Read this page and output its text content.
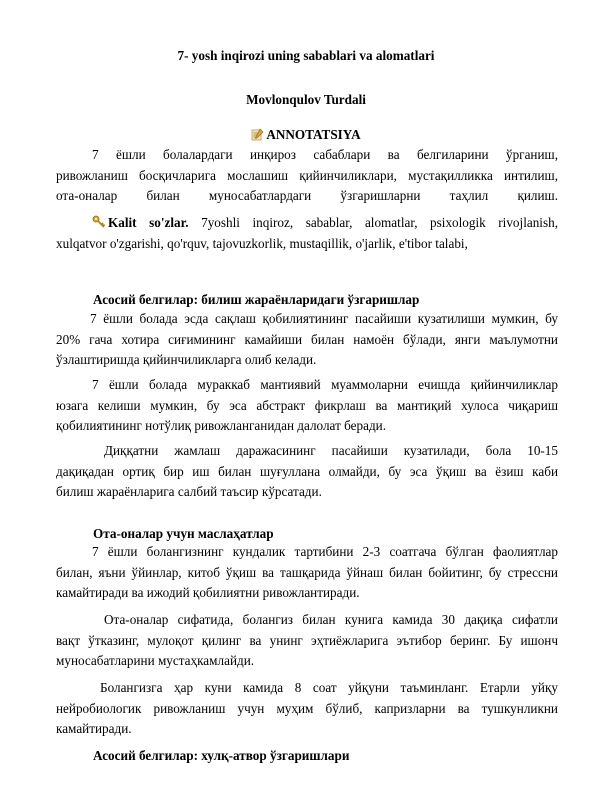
7- yosh inqirozi uning sabablari va alomatlari
Movlonqulov Turdali
ANNOTATSIYA
7 ёшли болалардаги инқироз сабаблари ва белгиларини ўрганиш,
ривожланиш босқичларига мослашиш қийинчиликлари, мустақилликка интилиш,
ота-оналар билан муносабатлардаги ўзгаришларни таҳлил қилиш.
Kalit so'zlar. 7yoshli inqiroz, sabablar, alomatlar, psixologik rivojlanish,
xulqatvor o'zgarishi, qo'rquv, tajovuzkorlik, mustaqillik, o'jarlik, e'tibor talabi,
Асосий белгилар: билиш жараёнларидаги ўзгаришлар
7 ёшли болада эсда сақлаш қобилиятининг пасайиши кузатилиши мумкин, бу
20% гача хотира сиғимининг камайиши билан намоён бўлади, янги маълумотни
ўзлаштиришда қийинчиликларга олиб келади.
7 ёшли болада мураккаб мантиявий муаммоларни ечишда қийинчиликлар
юзага келиши мумкин, бу эса абстракт фикрлаш ва мантиқий хулоса чиқариш
қобилиятининг нотўлиқ ривожланганидан далолат беради.
Диққатни жамлаш даражасининг пасайиши кузатилади, бола 10-15
дақиқадан ортиқ бир иш билан шуғуллана олмайди, бу эса ўқиш ва ёзиш каби
билиш жараёнларига салбий таъсир кўрсатади.
Ота-оналар учун маслаҳатлар
7 ёшли болангизнинг кундалик тартибини 2-3 соатгача бўлган фаолиятлар
билан, яъни ўйинлар, китоб ўқиш ва ташқарида ўйнаш билан бойитинг, бу стрессни
камайтиради ва ижодий қобилиятни ривожлантиради.
Ота-оналар сифатида, болангиз билан кунига камида 30 дақиқа сифатли
вақт ўтказинг, мулоқот қилинг ва унинг эҳтиёжларига эътибор беринг. Бу ишонч
муносабатларини мустаҳкамлайди.
Болангизга ҳар куни камида 8 соат уйқуни таъминланг. Етарли уйқу
нейробиологик ривожланиш учун муҳим бўлиб, капризларни ва тушкунликни
камайтиради.
Асосий белгилар: хулқ-атвор ўзгаришлари
